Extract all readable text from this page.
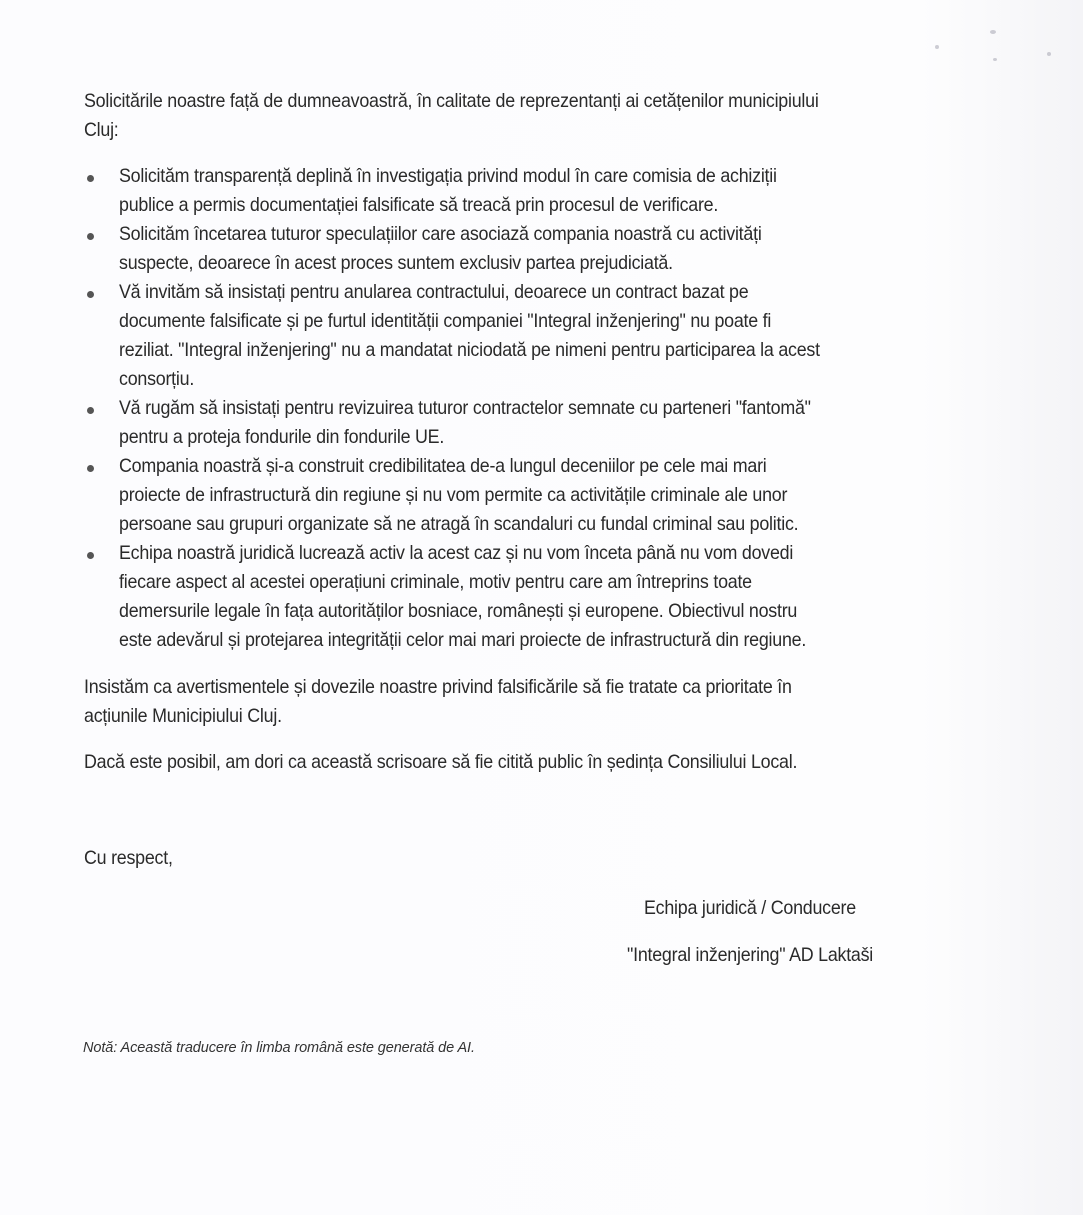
Solicitările noastre față de dumneavoastră, în calitate de reprezentanți ai cetățenilor municipiului
Cluj:
Solicităm transparență deplină în investigația privind modul în care comisia de achiziții
publice a permis documentației falsificate să treacă prin procesul de verificare.
Solicităm încetarea tuturor speculațiilor care asociază compania noastră cu activități
suspecte, deoarece în acest proces suntem exclusiv partea prejudiciată.
Vă invităm să insistați pentru anularea contractului, deoarece un contract bazat pe
documente falsificate și pe furtul identității companiei "Integral inženjering" nu poate fi
reziliat. "Integral inženjering" nu a mandatat niciodată pe nimeni pentru participarea la acest
consorțiu.
Vă rugăm să insistați pentru revizuirea tuturor contractelor semnate cu parteneri "fantomă"
pentru a proteja fondurile din fondurile UE.
Compania noastră și-a construit credibilitatea de-a lungul deceniilor pe cele mai mari
proiecte de infrastructură din regiune și nu vom permite ca activitățile criminale ale unor
persoane sau grupuri organizate să ne atragă în scandaluri cu fundal criminal sau politic.
Echipa noastră juridică lucrează activ la acest caz și nu vom înceta până nu vom dovedi
fiecare aspect al acestei operațiuni criminale, motiv pentru care am întreprins toate
demersurile legale în fața autorităților bosniace, românești și europene. Obiectivul nostru
este adevărul și protejarea integrității celor mai mari proiecte de infrastructură din regiune.
Insistăm ca avertismentele și dovezile noastre privind falsificările să fie tratate ca prioritate în
acțiunile Municipiului Cluj.
Dacă este posibil, am dori ca această scrisoare să fie citită public în ședința Consiliului Local.
Cu respect,
Echipa juridică / Conducere
"Integral inženjering" AD Laktaši
Notă: Această traducere în limba română este generată de AI.
